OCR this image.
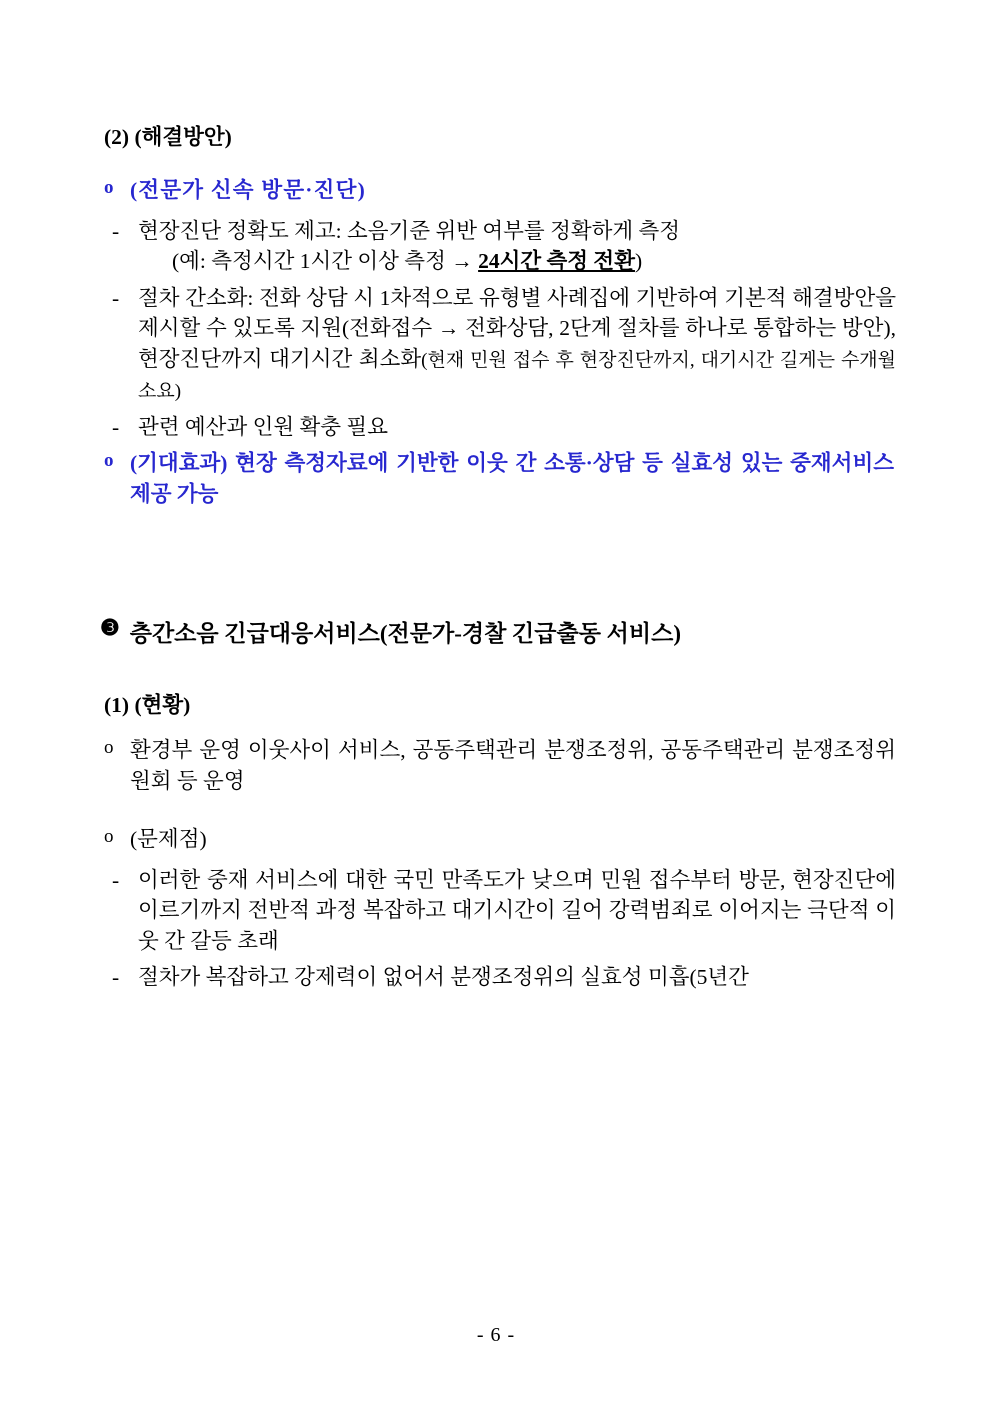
(2) (해결방안)
o (전문가 신속 방문·진단)
- 현장진단 정확도 제고: 소음기준 위반 여부를 정확하게 측정
(예: 측정시간 1시간 이상 측정 → 24시간 측정 전환)
- 절차 간소화: 전화 상담 시 1차적으로 유형별 사례집에 기반하여 기본적 해결방안을 제시할 수 있도록 지원(전화접수 → 전화상담, 2단계 절차를 하나로 통합하는 방안), 현장진단까지 대기시간 최소화(현재 민원 접수 후 현장진단까지, 대기시간 길게는 수개월 소요)
- 관련 예산과 인원 확충 필요
o (기대효과) 현장 측정자료에 기반한 이웃 간 소통·상담 등 실효성 있는 중재서비스 제공 가능
❸ 층간소음 긴급대응서비스(전문가-경찰 긴급출동 서비스)
(1) (현황)
o 환경부 운영 이웃사이 서비스, 공동주택관리 분쟁조정위, 공동주택관리 분쟁조정위원회 등 운영
o (문제점)
- 이러한 중재 서비스에 대한 국민 만족도가 낮으며 민원 접수부터 방문, 현장진단에 이르기까지 전반적 과정 복잡하고 대기시간이 길어 강력범죄로 이어지는 극단적 이웃 간 갈등 초래
- 절차가 복잡하고 강제력이 없어서 분쟁조정위의 실효성 미흡(5년간
- 6 -
